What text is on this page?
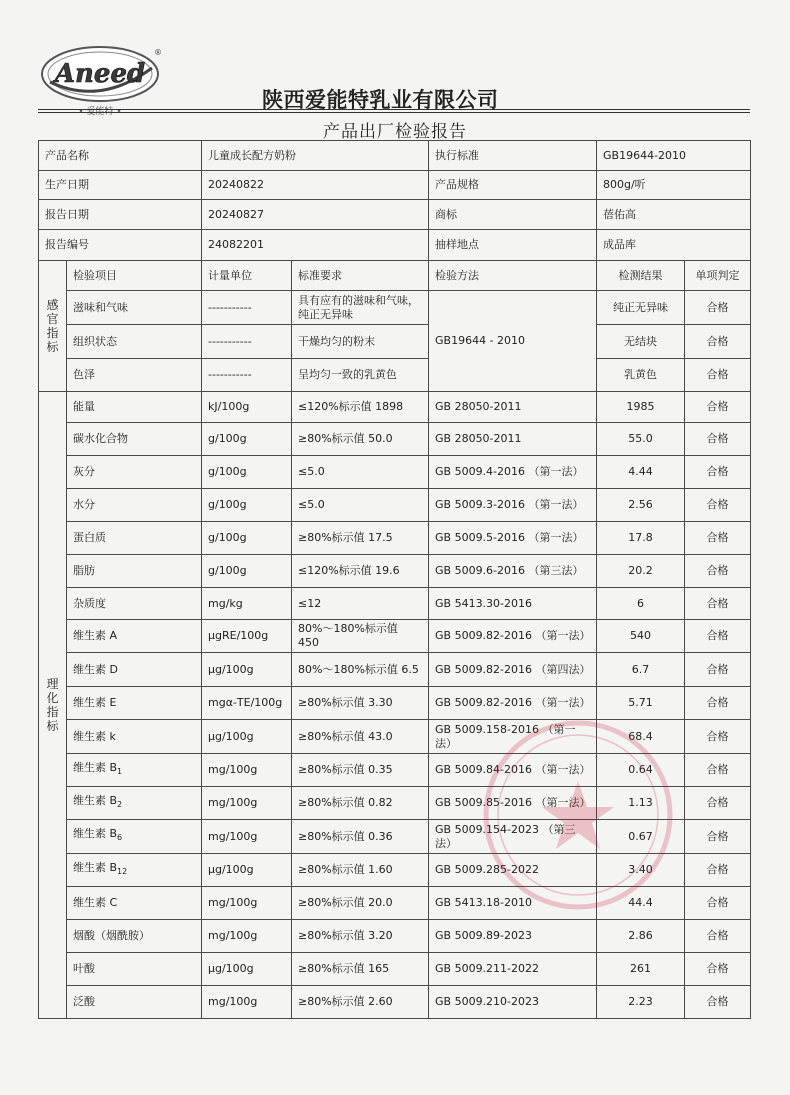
Aneed
®
• 爱能特 •	陕西爱能特乳业有限公司
产品出厂检验报告
产品名称		儿童成长配方奶粉		执行标准	GB19644-2010	
生产日期		20240822		产品规格	800g/听	
报告日期		20240827		商标	蓓佑高	
报告编号		24082201		抽样地点	成品库	
感
官
指
标	检验项目	计量单位	标准要求	检验方法	检测结果	单项判定
	滋味和气味	-----------	具有应有的滋味和气味，纯正无异味	GB19644 - 2010	纯正无异味	合格
	组织状态	-----------	干燥均匀的粉末		无结块	合格
	色泽	-----------	呈均匀一致的乳黄色		乳黄色	合格
理
化
指
标	能量	kJ/100g	≤120%标示值 1898	GB 28050-2011	1985	合格
	碳水化合物	g/100g	≥80%标示值 50.0	GB 28050-2011	55.0	合格
	灰分	g/100g	≤5.0	GB 5009.4-2016 （第一法）	4.44	合格
	水分	g/100g	≤5.0	GB 5009.3-2016 （第一法）	2.56	合格
	蛋白质	g/100g	≥80%标示值 17.5	GB 5009.5-2016 （第一法）	17.8	合格
	脂肪	g/100g	≤120%标示值 19.6	GB 5009.6-2016 （第三法）	20.2	合格
	杂质度	mg/kg	≤12	GB 5413.30-2016	6	合格
	维生素 A	μgRE/100g	80%～180%标示值 450	GB 5009.82-2016 （第一法）	540	合格
	维生素 D	μg/100g	80%～180%标示值 6.5	GB 5009.82-2016 （第四法）	6.7	合格
	维生素 E	mgα-TE/100g	≥80%标示值 3.30	GB 5009.82-2016 （第一法）	5.71	合格
	维生素 k	μg/100g	≥80%标示值 43.0	GB 5009.158-2016 （第一法）	68.4	合格
	维生素 $B_1$	mg/100g	≥80%标示值 0.35	GB 5009.84-2016 （第一法）	0.64	合格
	维生素 $B_2$	mg/100g	≥80%标示值 0.82	GB 5009.85-2016 （第一法）	1.13	合格
	维生素 $B_6$	mg/100g	≥80%标示值 0.36	GB 5009.154-2023 （第三法）	0.67	合格
	维生素 $B_{12}$	μg/100g	≥80%标示值 1.60	GB 5009.285-2022	3.40	合格
	维生素 C	mg/100g	≥80%标示值 20.0	GB 5413.18-2010	44.4	合格
	烟酸（烟酰胺）	mg/100g	≥80%标示值 3.20	GB 5009.89-2023	2.86	合格
	叶酸	μg/100g	≥80%标示值 165	GB 5009.211-2022	261	合格
	泛酸	mg/100g	≥80%标示值 2.60	GB 5009.210-2023	2.23	合格
